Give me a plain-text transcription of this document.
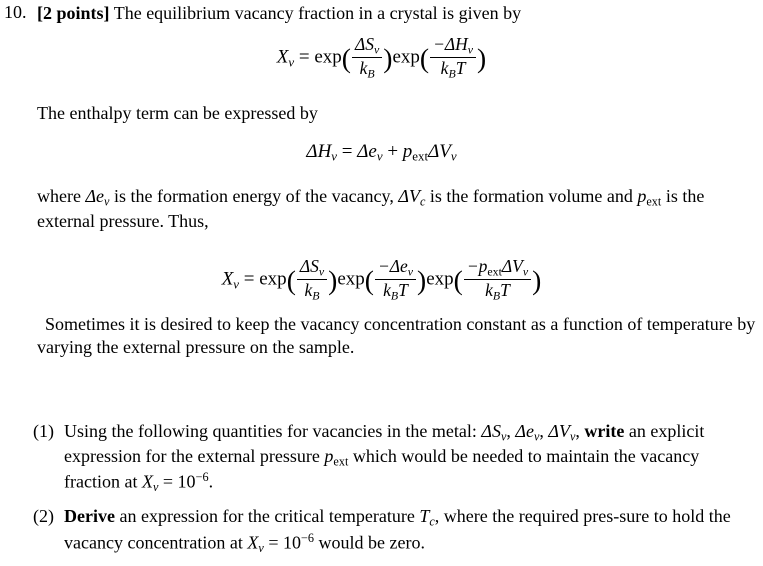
10. [2 points] The equilibrium vacancy fraction in a crystal is given by
$X_v = \exp( \frac{\Delta S_v}{k_B} )\exp( \frac{-\Delta H_v}{k_BT}$ )
The enthalpy term can be expressed by
$\Delta H_v = \Delta e_v$ + pextΔV$_v$
where $\Delta e_v$ is the formation energy of the vacancy, $\Delta V_c$ is the formation volume and pext is the external pressure. Thus,
$X_v = \exp( \frac{\Delta S_v}{k_B} )\exp( \frac{-\Delta e_v}{k_BT} )\exp( \frac{-pext\Delta V_v}{k_BT}$ )
Sometimes it is desired to keep the vacancy concentration constant as a function of temperature by varying the external pressure on the sample.
(1) Using the following quantities for vacancies in the metal: $\Delta S_v$, $\Delta e_v$, $\Delta V_v$, write an explicit expression for the external pressure pext which would be needed to maintain the vacancy fraction at $X_v = 10^{-6}$.
(2) Derive an expression for the critical temperature $T_c$, where the required pres-sure to hold the vacancy concentration at $X_v = 10^{-6}$ would be zero.
